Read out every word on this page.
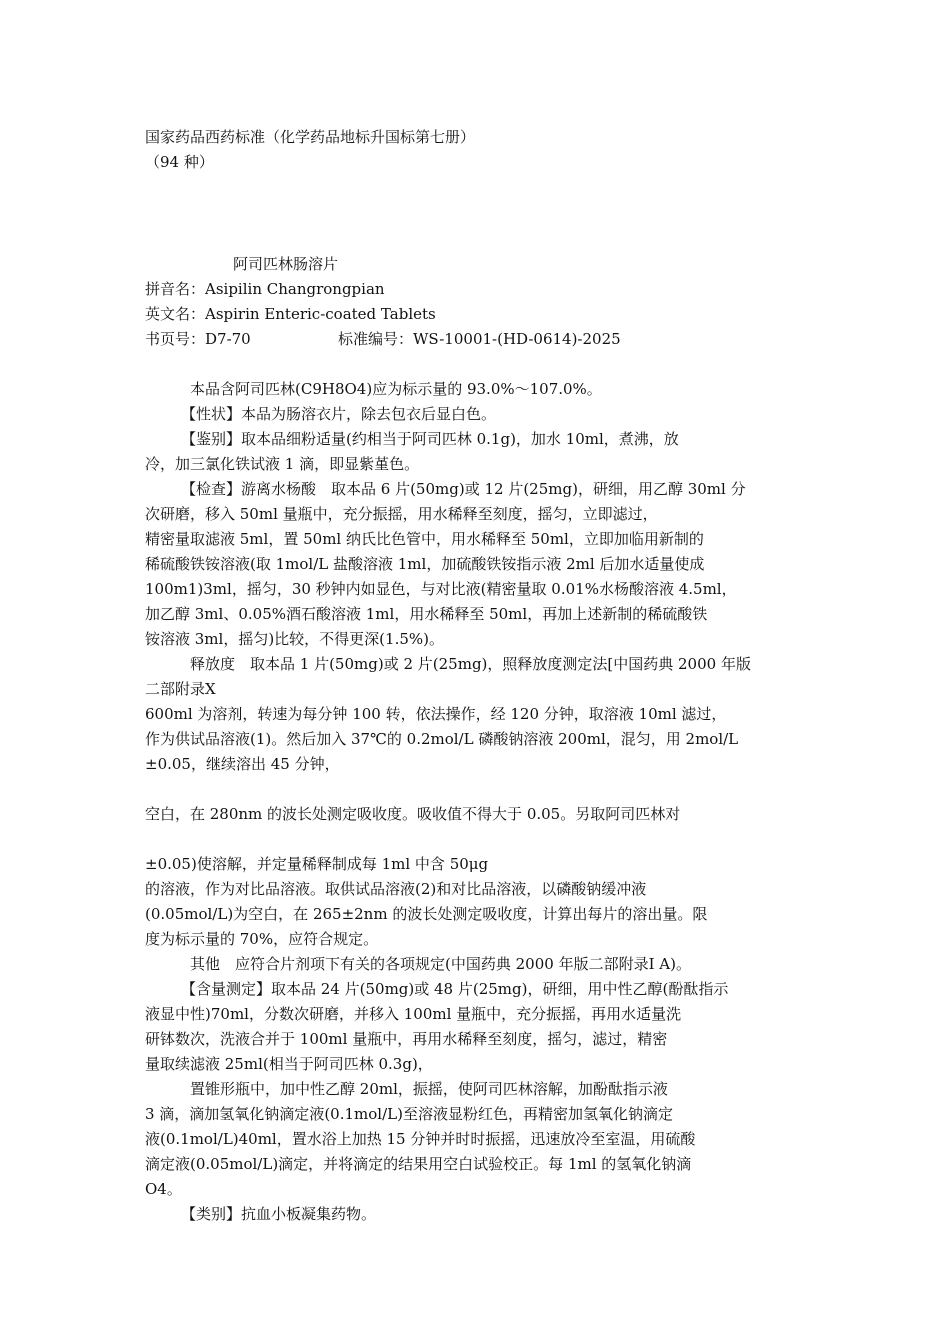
国家药品西药标准（化学药品地标升国标第七册）

（94 种）

阿司匹林肠溶片

拼音名：Asipilin Changrongpian

英文名：Aspirin Enteric-coated Tablets

书页号：D7-70	标准编号：WS-10001-(HD-0614)-2025

本品含阿司匹林(C9H8O4)应为标示量的 93.0%～107.0%。

【性状】本品为肠溶衣片，除去包衣后显白色。

【鉴别】取本品细粉适量(约相当于阿司匹林 0.1g)，加水 10ml，煮沸，放

冷，加三氯化铁试液 1 滴，即显紫堇色。

【检查】游离水杨酸　取本品 6 片(50mg)或 12 片(25mg)，研细，用乙醇 30ml 分

次研磨，移入 50ml 量瓶中，充分振摇，用水稀释至刻度，摇匀，立即滤过，

精密量取滤液 5ml，置 50ml 纳氏比色管中，用水稀释至 50ml，立即加临用新制的

稀硫酸铁铵溶液(取 1mol/L 盐酸溶液 1ml，加硫酸铁铵指示液 2ml 后加水适量使成

100m1)3ml，摇匀，30 秒钟内如显色，与对比液(精密量取 0.01%水杨酸溶液 4.5ml，

加乙醇 3ml、0.05%酒石酸溶液 1ml，用水稀释至 50ml，再加上述新制的稀硫酸铁

铵溶液 3ml，摇匀)比较，不得更深(1.5%)。

释放度　取本品 1 片(50mg)或 2 片(25mg)，照释放度测定法[中国药典 2000 年版

二部附录Ⅹ

600ml 为溶剂，转速为每分钟 100 转，依法操作，经 120 分钟，取溶液 10ml 滤过，

作为供试品溶液(1)。然后加入 37℃的 0.2mol/L 磷酸钠溶液 200ml，混匀，用 2mol/L

±0.05，继续溶出 45 分钟，

空白，在 280nm 的波长处测定吸收度。吸收值不得大于 0.05。另取阿司匹林对

±0.05)使溶解，并定量稀释制成每 1ml 中含 50μg

的溶液，作为对比品溶液。取供试品溶液(2)和对比品溶液，以磷酸钠缓冲液

(0.05mol/L)为空白，在 265±2nm 的波长处测定吸收度，计算出每片的溶出量。限

度为标示量的 70%，应符合规定。

其他　应符合片剂项下有关的各项规定(中国药典 2000 年版二部附录Ⅰ A)。

【含量测定】取本品 24 片(50mg)或 48 片(25mg)，研细，用中性乙醇(酚酞指示

液显中性)70ml，分数次研磨，并移入 100ml 量瓶中，充分振摇，再用水适量洗

研钵数次，洗液合并于 100ml 量瓶中，再用水稀释至刻度，摇匀，滤过，精密

量取续滤液 25ml(相当于阿司匹林 0.3g)，

置锥形瓶中，加中性乙醇 20ml，振摇，使阿司匹林溶解，加酚酞指示液

3 滴，滴加氢氧化钠滴定液(0.1mol/L)至溶液显粉红色，再精密加氢氧化钠滴定

液(0.1mol/L)40ml，置水浴上加热 15 分钟并时时振摇，迅速放冷至室温，用硫酸

滴定液(0.05mol/L)滴定，并将滴定的结果用空白试验校正。每 1ml 的氢氧化钠滴

O4。

【类别】抗血小板凝集药物。
